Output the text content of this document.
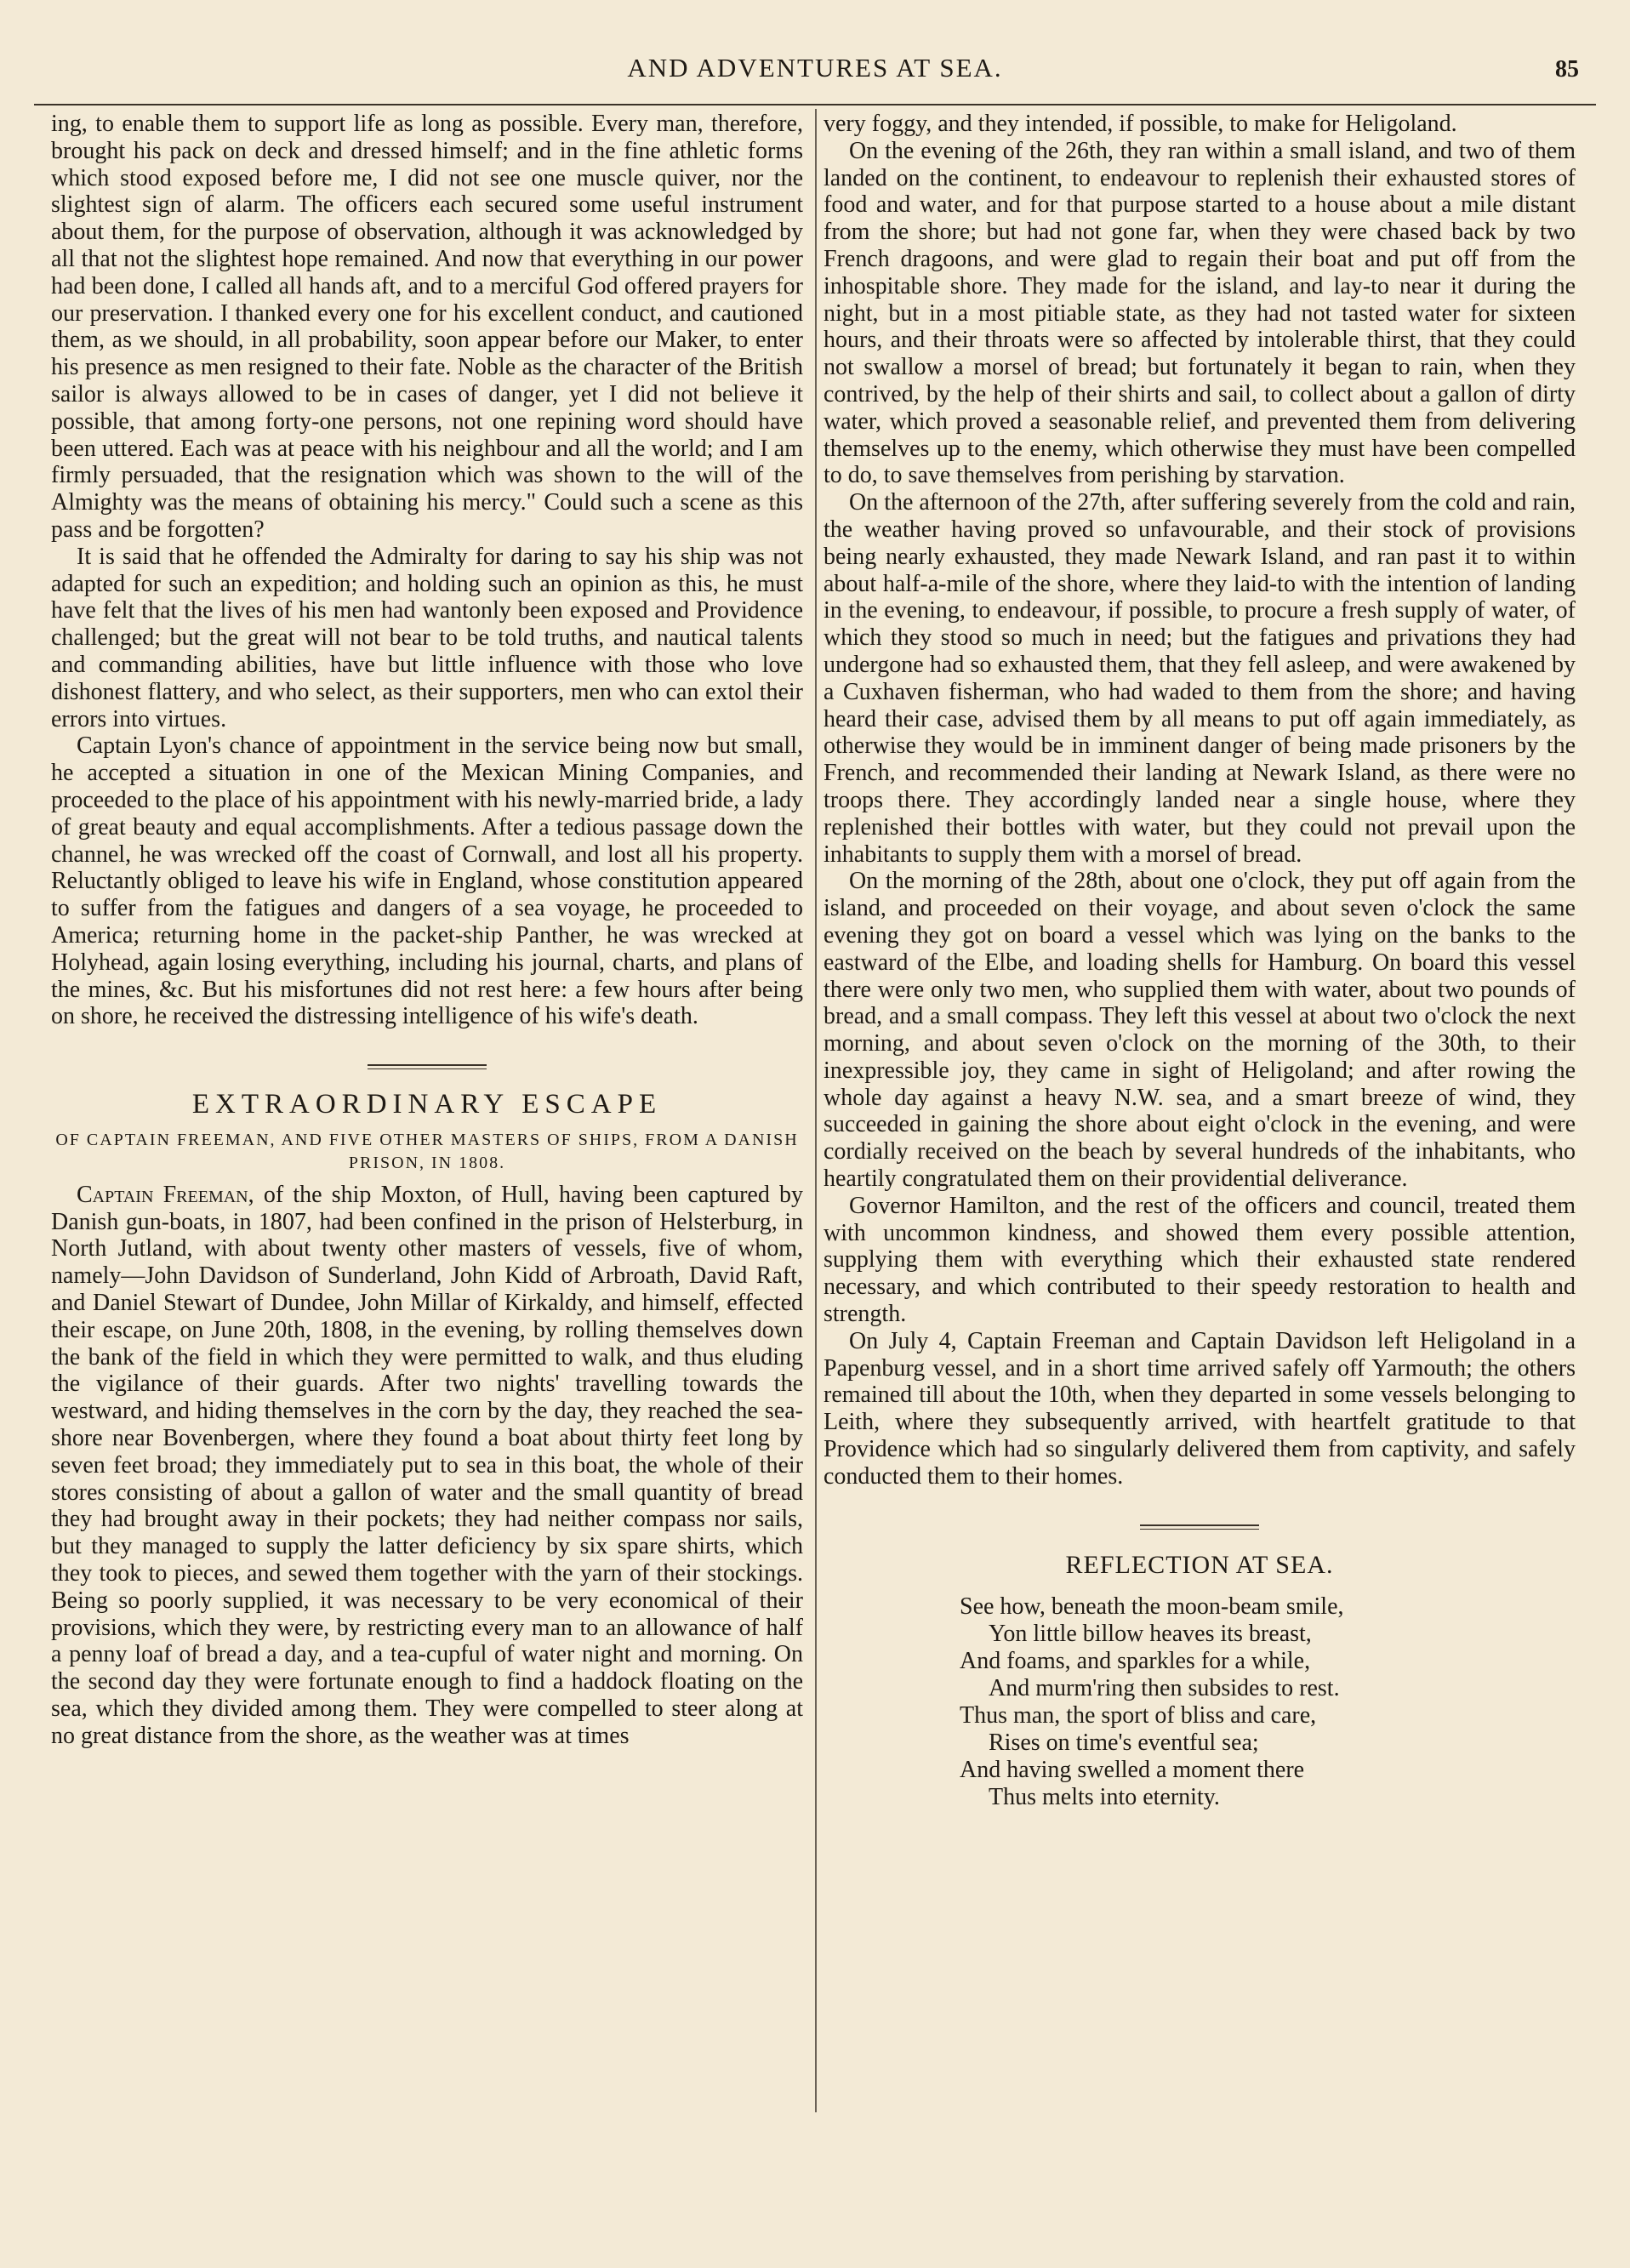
AND ADVENTURES AT SEA.	85

ing, to enable them to support life as long as possible. Every man, therefore, brought his pack on deck and dressed himself; and in the fine athletic forms which stood exposed before me, I did not see one muscle quiver, nor the slightest sign of alarm. The officers each secured some useful instrument about them, for the purpose of observation, although it was acknowledged by all that not the slightest hope remained. And now that everything in our power had been done, I called all hands aft, and to a merciful God offered prayers for our preservation. I thanked every one for his excellent conduct, and cautioned them, as we should, in all probability, soon appear before our Maker, to enter his presence as men resigned to their fate. Noble as the character of the British sailor is always allowed to be in cases of danger, yet I did not believe it possible, that among forty-one persons, not one repining word should have been uttered. Each was at peace with his neighbour and all the world; and I am firmly persuaded, that the resignation which was shown to the will of the Almighty was the means of obtaining his mercy." Could such a scene as this pass and be forgotten?

It is said that he offended the Admiralty for daring to say his ship was not adapted for such an expedition; and holding such an opinion as this, he must have felt that the lives of his men had wantonly been exposed and Providence challenged; but the great will not bear to be told truths, and nautical talents and commanding abilities, have but little influence with those who love dishonest flattery, and who select, as their supporters, men who can extol their errors into virtues.

Captain Lyon's chance of appointment in the service being now but small, he accepted a situation in one of the Mexican Mining Companies, and proceeded to the place of his appointment with his newly-married bride, a lady of great beauty and equal accomplishments. After a tedious passage down the channel, he was wrecked off the coast of Cornwall, and lost all his property. Reluctantly obliged to leave his wife in England, whose constitution appeared to suffer from the fatigues and dangers of a sea voyage, he proceeded to America; returning home in the packet-ship Panther, he was wrecked at Holyhead, again losing everything, including his journal, charts, and plans of the mines, &c. But his misfortunes did not rest here: a few hours after being on shore, he received the distressing intelligence of his wife's death.

EXTRAORDINARY ESCAPE
OF CAPTAIN FREEMAN, AND FIVE OTHER MASTERS OF SHIPS, FROM A DANISH PRISON, IN 1808.

Captain Freeman, of the ship Moxton, of Hull, having been captured by Danish gun-boats, in 1807, had been confined in the prison of Helsterburg, in North Jutland, with about twenty other masters of vessels, five of whom, namely—John Davidson of Sunderland, John Kidd of Arbroath, David Raft, and Daniel Stewart of Dundee, John Millar of Kirkaldy, and himself, effected their escape, on June 20th, 1808, in the evening, by rolling themselves down the bank of the field in which they were permitted to walk, and thus eluding the vigilance of their guards. After two nights' travelling towards the westward, and hiding themselves in the corn by the day, they reached the sea-shore near Bovenbergen, where they found a boat about thirty feet long by seven feet broad; they immediately put to sea in this boat, the whole of their stores consisting of about a gallon of water and the small quantity of bread they had brought away in their pockets; they had neither compass nor sails, but they managed to supply the latter deficiency by six spare shirts, which they took to pieces, and sewed them together with the yarn of their stockings. Being so poorly supplied, it was necessary to be very economical of their provisions, which they were, by restricting every man to an allowance of half a penny loaf of bread a day, and a tea-cupful of water night and morning. On the second day they were fortunate enough to find a haddock floating on the sea, which they divided among them. They were compelled to steer along at no great distance from the shore, as the weather was at times

very foggy, and they intended, if possible, to make for Heligoland.

On the evening of the 26th, they ran within a small island, and two of them landed on the continent, to endeavour to replenish their exhausted stores of food and water, and for that purpose started to a house about a mile distant from the shore; but had not gone far, when they were chased back by two French dragoons, and were glad to regain their boat and put off from the inhospitable shore. They made for the island, and lay-to near it during the night, but in a most pitiable state, as they had not tasted water for sixteen hours, and their throats were so affected by intolerable thirst, that they could not swallow a morsel of bread; but fortunately it began to rain, when they contrived, by the help of their shirts and sail, to collect about a gallon of dirty water, which proved a seasonable relief, and prevented them from delivering themselves up to the enemy, which otherwise they must have been compelled to do, to save themselves from perishing by starvation.

On the afternoon of the 27th, after suffering severely from the cold and rain, the weather having proved so unfavourable, and their stock of provisions being nearly exhausted, they made Newark Island, and ran past it to within about half-a-mile of the shore, where they laid-to with the intention of landing in the evening, to endeavour, if possible, to procure a fresh supply of water, of which they stood so much in need; but the fatigues and privations they had undergone had so exhausted them, that they fell asleep, and were awakened by a Cuxhaven fisherman, who had waded to them from the shore; and having heard their case, advised them by all means to put off again immediately, as otherwise they would be in imminent danger of being made prisoners by the French, and recommended their landing at Newark Island, as there were no troops there. They accordingly landed near a single house, where they replenished their bottles with water, but they could not prevail upon the inhabitants to supply them with a morsel of bread.

On the morning of the 28th, about one o'clock, they put off again from the island, and proceeded on their voyage, and about seven o'clock the same evening they got on board a vessel which was lying on the banks to the eastward of the Elbe, and loading shells for Hamburg. On board this vessel there were only two men, who supplied them with water, about two pounds of bread, and a small compass. They left this vessel at about two o'clock the next morning, and about seven o'clock on the morning of the 30th, to their inexpressible joy, they came in sight of Heligoland; and after rowing the whole day against a heavy N.W. sea, and a smart breeze of wind, they succeeded in gaining the shore about eight o'clock in the evening, and were cordially received on the beach by several hundreds of the inhabitants, who heartily congratulated them on their providential deliverance.

Governor Hamilton, and the rest of the officers and council, treated them with uncommon kindness, and showed them every possible attention, supplying them with everything which their exhausted state rendered necessary, and which contributed to their speedy restoration to health and strength.

On July 4, Captain Freeman and Captain Davidson left Heligoland in a Papenburg vessel, and in a short time arrived safely off Yarmouth; the others remained till about the 10th, when they departed in some vessels belonging to Leith, where they subsequently arrived, with heartfelt gratitude to that Providence which had so singularly delivered them from captivity, and safely conducted them to their homes.

REFLECTION AT SEA.
See how, beneath the moon-beam smile,
Yon little billow heaves its breast,
And foams, and sparkles for a while,
And murm'ring then subsides to rest.
Thus man, the sport of bliss and care,
Rises on time's eventful sea;
And having swelled a moment there
Thus melts into eternity.
